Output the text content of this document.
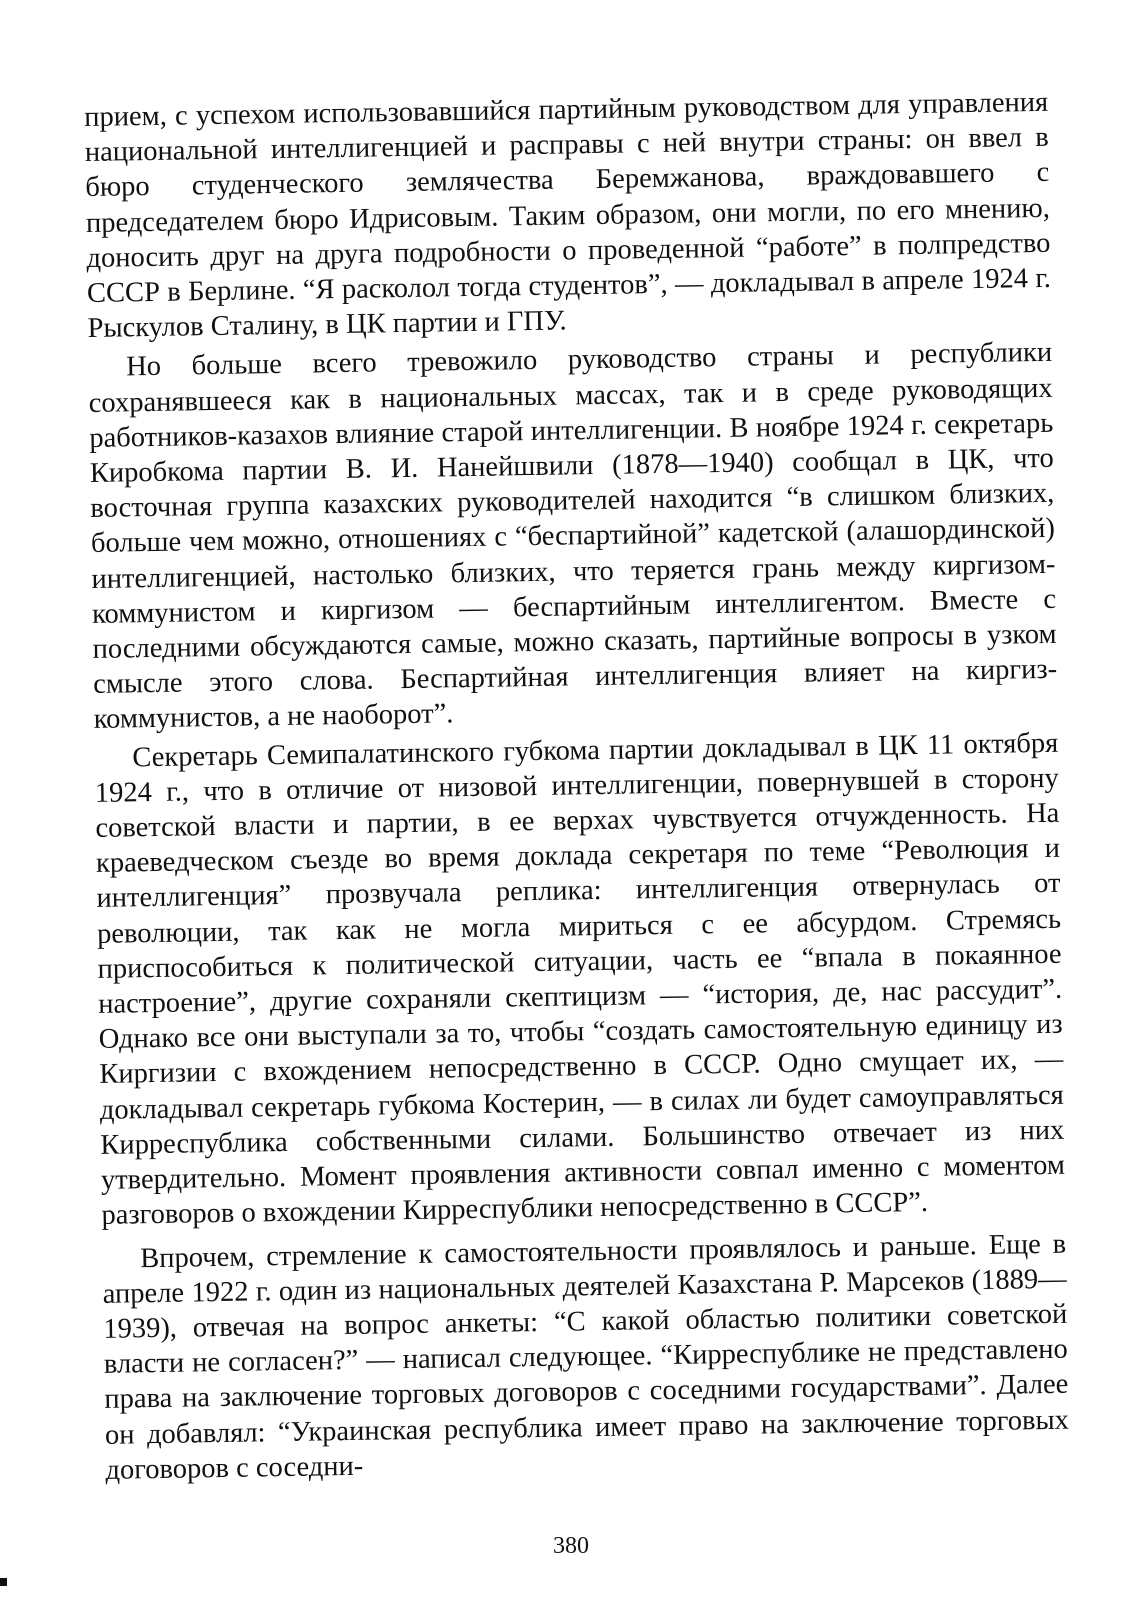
прием, с успехом использовавшийся партийным руководством для управления национальной интеллигенцией и расправы с ней внутри страны: он ввел в бюро студенческого землячества Беремжанова, враждовавшего с председателем бюро Идрисовым. Таким образом, они могли, по его мнению, доносить друг на друга подробности о проведенной “работе” в полпредство СССР в Берлине. “Я расколол тогда студентов”, — докладывал в апреле 1924 г. Рыскулов Сталину, в ЦК партии и ГПУ.

Но больше всего тревожило руководство страны и республики сохранявшееся как в национальных массах, так и в среде руководящих работников-казахов влияние старой интеллигенции. В ноябре 1924 г. секретарь Киробкома партии В. И. Нанейшвили (1878—1940) сообщал в ЦК, что восточная группа казахских руководителей находится “в слишком близких, больше чем можно, отношениях с “беспартийной” кадетской (алашординской) интеллигенцией, настолько близких, что теряется грань между киргизом-коммунистом и киргизом — беспартийным интеллигентом. Вместе с последними обсуждаются самые, можно сказать, партийные вопросы в узком смысле этого слова. Беспартийная интеллигенция влияет на киргиз-коммунистов, а не наоборот”.

Секретарь Семипалатинского губкома партии докладывал в ЦК 11 октября 1924 г., что в отличие от низовой интеллигенции, повернувшей в сторону советской власти и партии, в ее верхах чувствуется отчужденность. На краеведческом съезде во время доклада секретаря по теме “Революция и интеллигенция” прозвучала реплика: интеллигенция отвернулась от революции, так как не могла мириться с ее абсурдом. Стремясь приспособиться к политической ситуации, часть ее “впала в покаянное настроение”, другие сохраняли скептицизм — “история, де, нас рассудит”. Однако все они выступали за то, чтобы “создать самостоятельную единицу из Киргизии с вхождением непосредственно в СССР. Одно смущает их, — докладывал секретарь губкома Костерин, — в силах ли будет самоуправляться Кирреспублика собственными силами. Большинство отвечает из них утвердительно. Момент проявления активности совпал именно с моментом разговоров о вхождении Кирреспублики непосредственно в СССР”.

Впрочем, стремление к самостоятельности проявлялось и раньше. Еще в апреле 1922 г. один из национальных деятелей Казахстана Р. Марсеков (1889—1939), отвечая на вопрос анкеты: “С какой областью политики советской власти не согласен?” — написал следующее. “Кирреспублике не представлено права на заключение торговых договоров с соседними государствами”. Далее он добавлял: “Украинская республика имеет право на заключение торговых договоров с соседни-

380
